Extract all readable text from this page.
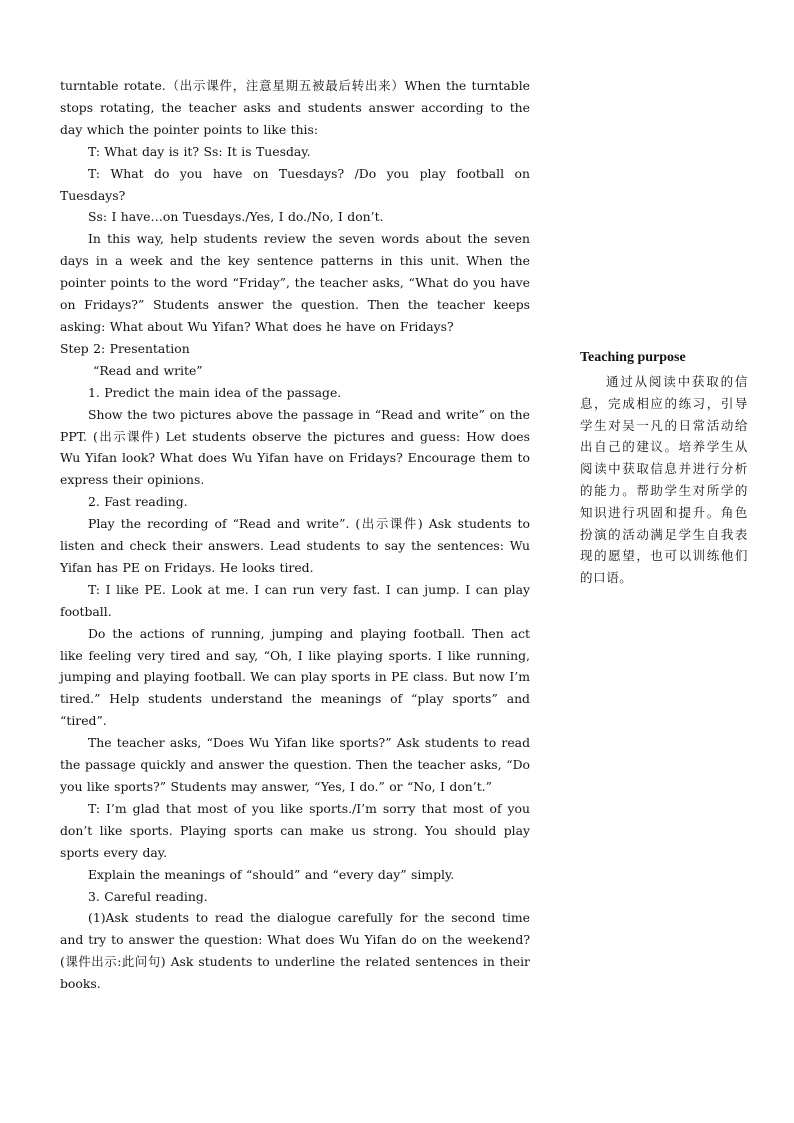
turntable rotate.（出示课件，注意星期五被最后转出来）When the turntable stops rotating, the teacher asks and students answer according to the day which the pointer points to like this:

T: What day is it? Ss: It is Tuesday.

T: What do you have on Tuesdays? /Do you play football on Tuesdays?

Ss: I have…on Tuesdays./Yes, I do./No, I don’t.

In this way, help students review the seven words about the seven days in a week and the key sentence patterns in this unit. When the pointer points to the word “Friday”, the teacher asks, “What do you have on Fridays?” Students answer the question. Then the teacher keeps asking: What about Wu Yifan? What does he have on Fridays?

Step 2: Presentation

“Read and write”

1. Predict the main idea of the passage.

Show the two pictures above the passage in “Read and write” on the PPT. (出示课件) Let students observe the pictures and guess: How does Wu Yifan look? What does Wu Yifan have on Fridays? Encourage them to express their opinions.

2. Fast reading.

Play the recording of “Read and write”. (出示课件) Ask students to listen and check their answers. Lead students to say the sentences: Wu Yifan has PE on Fridays. He looks tired.

T: I like PE. Look at me. I can run very fast. I can jump. I can play football.

Do the actions of running, jumping and playing football. Then act like feeling very tired and say, “Oh, I like playing sports. I like running, jumping and playing football. We can play sports in PE class. But now I’m tired.” Help students understand the meanings of “play sports” and “tired”.

The teacher asks, “Does Wu Yifan like sports?” Ask students to read the passage quickly and answer the question. Then the teacher asks, “Do you like sports?” Students may answer, “Yes, I do.” or “No, I don’t.”

T: I’m glad that most of you like sports./I’m sorry that most of you don’t like sports. Playing sports can make us strong. You should play sports every day.

Explain the meanings of “should” and “every day” simply.

3. Careful reading.

(1)Ask students to read the dialogue carefully for the second time and try to answer the question: What does Wu Yifan do on the weekend? (课件出示:此问句) Ask students to underline the related sentences in their books.

Teaching purpose

通过从阅读中获取的信息，完成相应的练习，引导学生对吴一凡的日常活动给出自己的建议。培养学生从阅读中获取信息并进行分析的能力。帮助学生对所学的知识进行巩固和提升。角色扮演的活动满足学生自我表现的愿望，也可以训练他们的口语。
